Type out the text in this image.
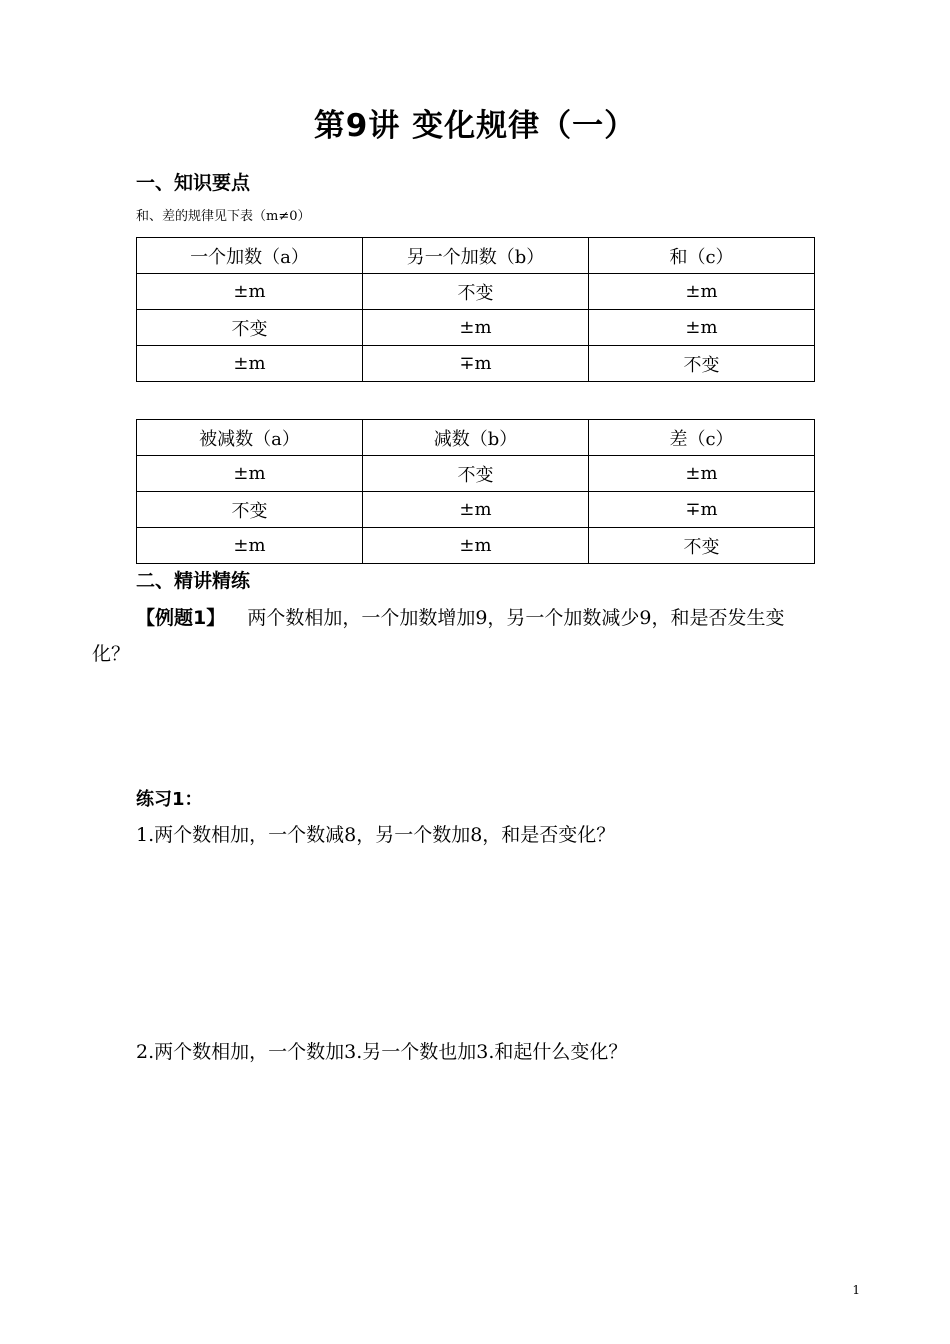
第9讲 变化规律（一）
一、知识要点
和、差的规律见下表（m≠0）
一个加数（a）	另一个加数（b）	和（c）
±m	不变	±m
不变	±m	±m
±m	∓m	不变
被减数（a）	减数（b）	差（c）
±m	不变	±m
不变	±m	∓m
±m	±m	不变
二、精讲精练
【例题1】 两个数相加，一个加数增加9，另一个加数减少9，和是否发生变
化？
练习1：
1.两个数相加，一个数减8，另一个数加8，和是否变化？
2.两个数相加，一个数加3.另一个数也加3.和起什么变化？
1
